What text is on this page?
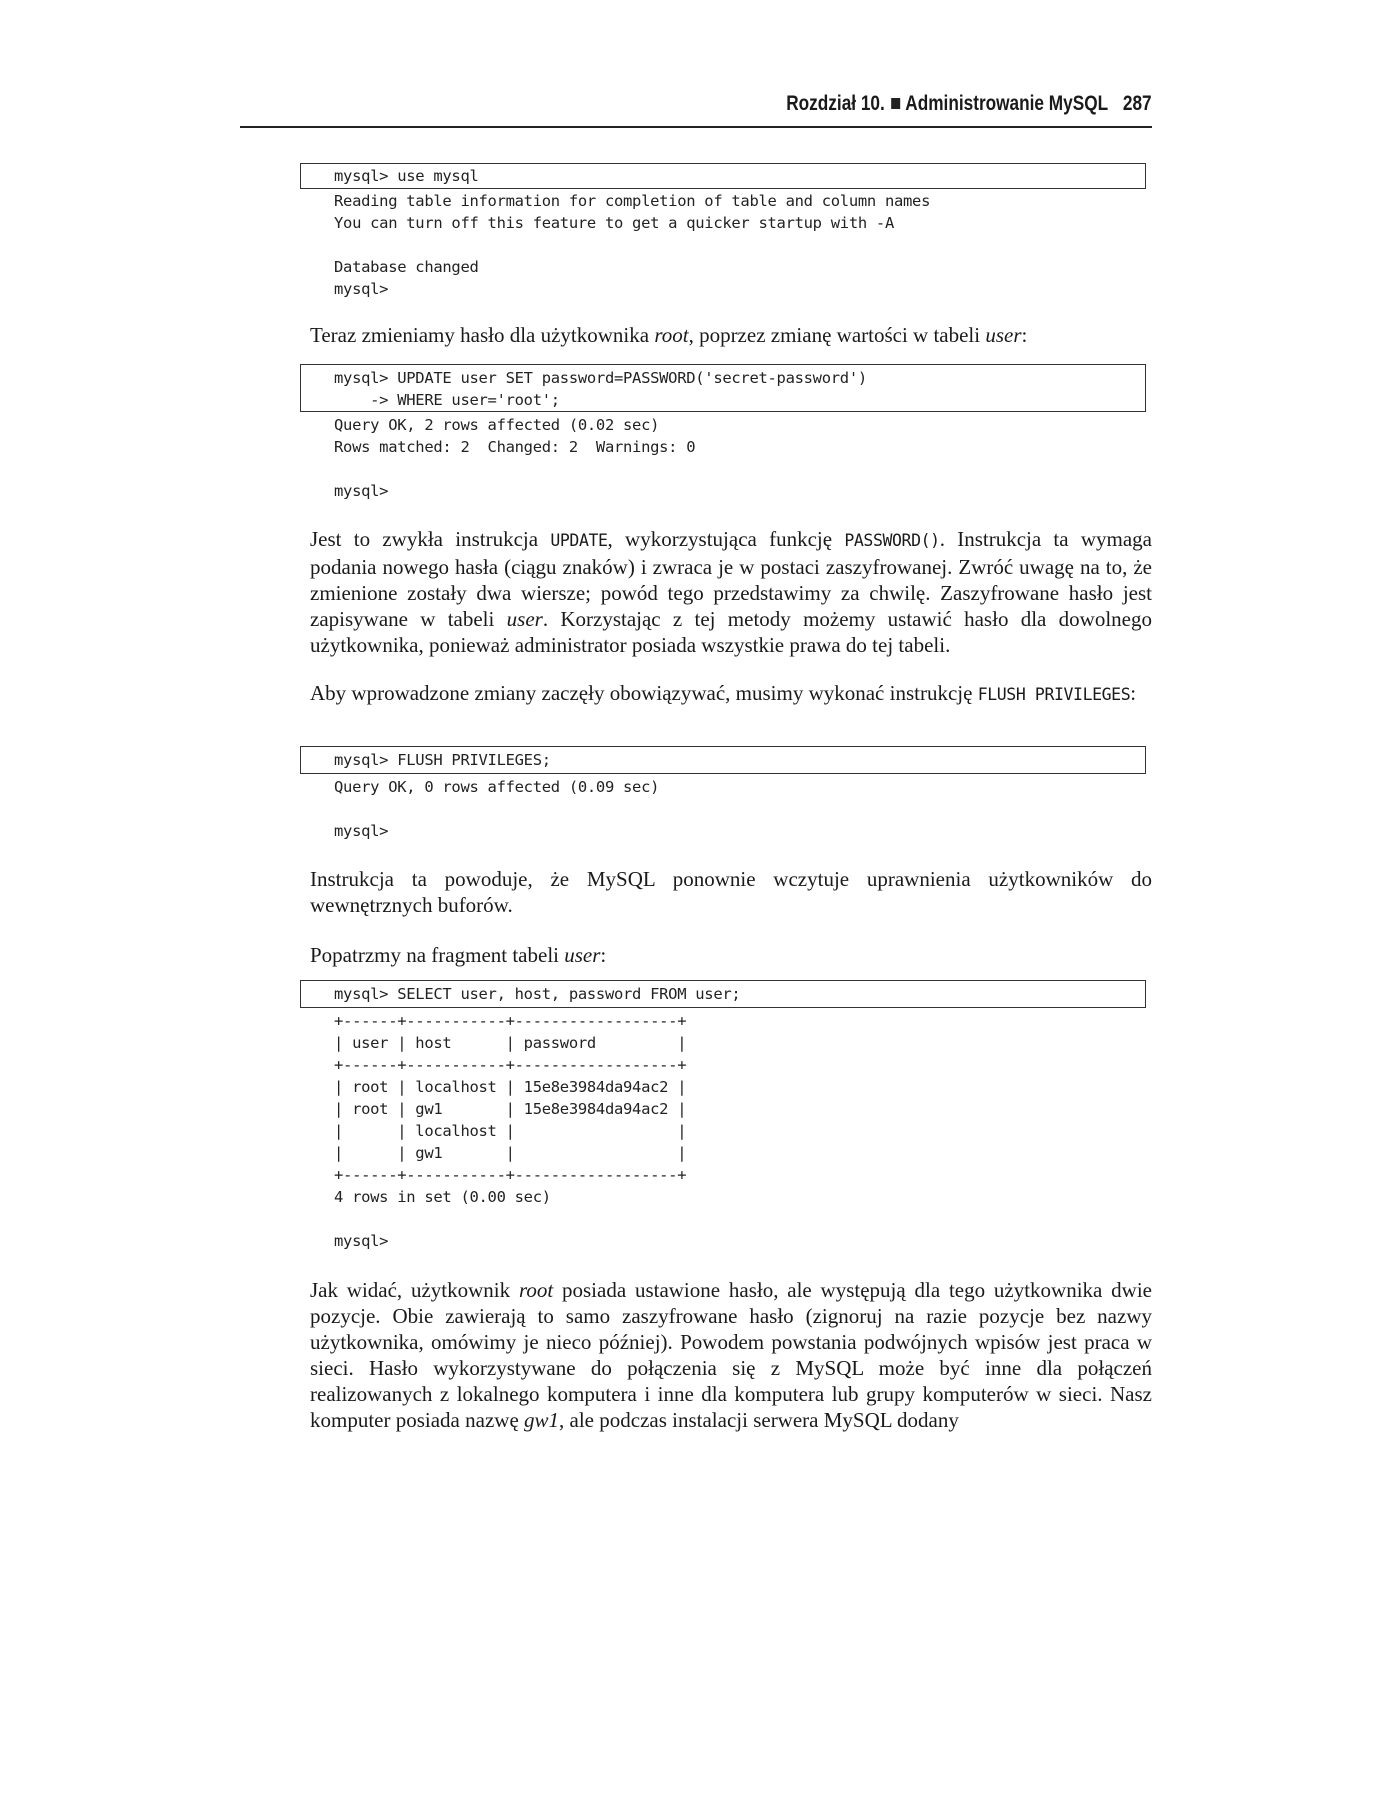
Rozdział 10. Administrowanie MySQL 287
mysql> use mysql
Reading table information for completion of table and column names
You can turn off this feature to get a quicker startup with -A

Database changed
mysql>
Teraz zmieniamy hasło dla użytkownika root, poprzez zmianę wartości w tabeli user:
mysql> UPDATE user SET password=PASSWORD('secret-password')
-> WHERE user='root';
Query OK, 2 rows affected (0.02 sec)
Rows matched: 2  Changed: 2  Warnings: 0

mysql>
Jest to zwykła instrukcja UPDATE, wykorzystująca funkcję PASSWORD(). Instrukcja ta wymaga podania nowego hasła (ciągu znaków) i zwraca je w postaci zaszyfrowanej. Zwróć uwagę na to, że zmienione zostały dwa wiersze; powód tego przedstawimy za chwilę. Zaszyfrowane hasło jest zapisywane w tabeli user. Korzystając z tej metody możemy ustawić hasło dla dowolnego użytkownika, ponieważ administrator posiada wszystkie prawa do tej tabeli.
Aby wprowadzone zmiany zaczęły obowiązywać, musimy wykonać instrukcję FLUSH PRIVILEGES:
mysql> FLUSH PRIVILEGES;
Query OK, 0 rows affected (0.09 sec)

mysql>
Instrukcja ta powoduje, że MySQL ponownie wczytuje uprawnienia użytkowników do wewnętrznych buforów.
Popatrzmy na fragment tabeli user:
mysql> SELECT user, host, password FROM user;
+------+-----------+------------------+
| user | host      | password         |
+------+-----------+------------------+
| root | localhost | 15e8e3984da94ac2 |
| root | gw1       | 15e8e3984da94ac2 |
|      | localhost |                  |
|      | gw1       |                  |
+------+-----------+------------------+
4 rows in set (0.00 sec)

mysql>
Jak widać, użytkownik root posiada ustawione hasło, ale występują dla tego użytkownika dwie pozycje. Obie zawierają to samo zaszyfrowane hasło (zignoruj na razie pozycje bez nazwy użytkownika, omówimy je nieco później). Powodem powstania podwójnych wpisów jest praca w sieci. Hasło wykorzystywane do połączenia się z MySQL może być inne dla połączeń realizowanych z lokalnego komputera i inne dla komputera lub grupy komputerów w sieci. Nasz komputer posiada nazwę gw1, ale podczas instalacji serwera MySQL dodany
